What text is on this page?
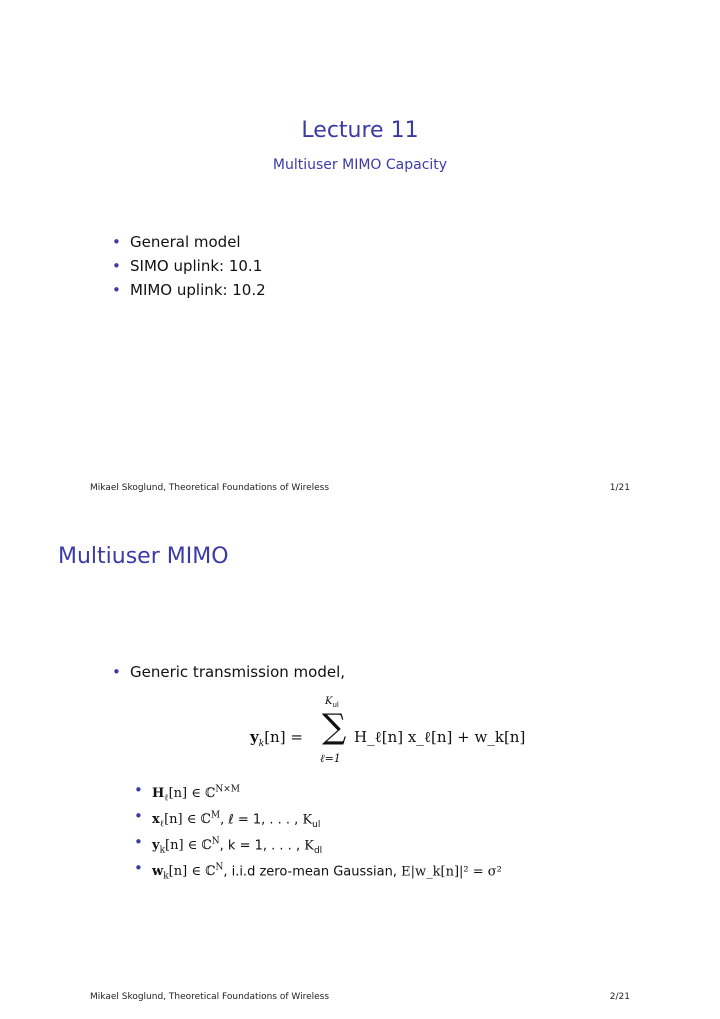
Lecture 11
Multiuser MIMO Capacity
• General model
• SIMO uplink: 10.1
• MIMO uplink: 10.2
Mikael Skoglund, Theoretical Foundations of Wireless	1/21
Multiuser MIMO
• Generic transmission model,
$y_k[n]$ =
$K_{ul}$
∑
ℓ=1
H_ℓ[n] x_ℓ[n] + w_k[n]
• $H_\ell[n]$ ∈ ℂ$^{N\times M}$
• $x_\ell[n]$ ∈ ℂ$^M$, ℓ = 1, . . . , $K_{ul}$
• $y_k[n]$ ∈ ℂ$^N$, k = 1, . . . , $K_{dl}$
• $w_k[n]$ ∈ ℂ$^N$, i.i.d zero-mean Gaussian, E|w_k[n]|² = σ²
Mikael Skoglund, Theoretical Foundations of Wireless	2/21
